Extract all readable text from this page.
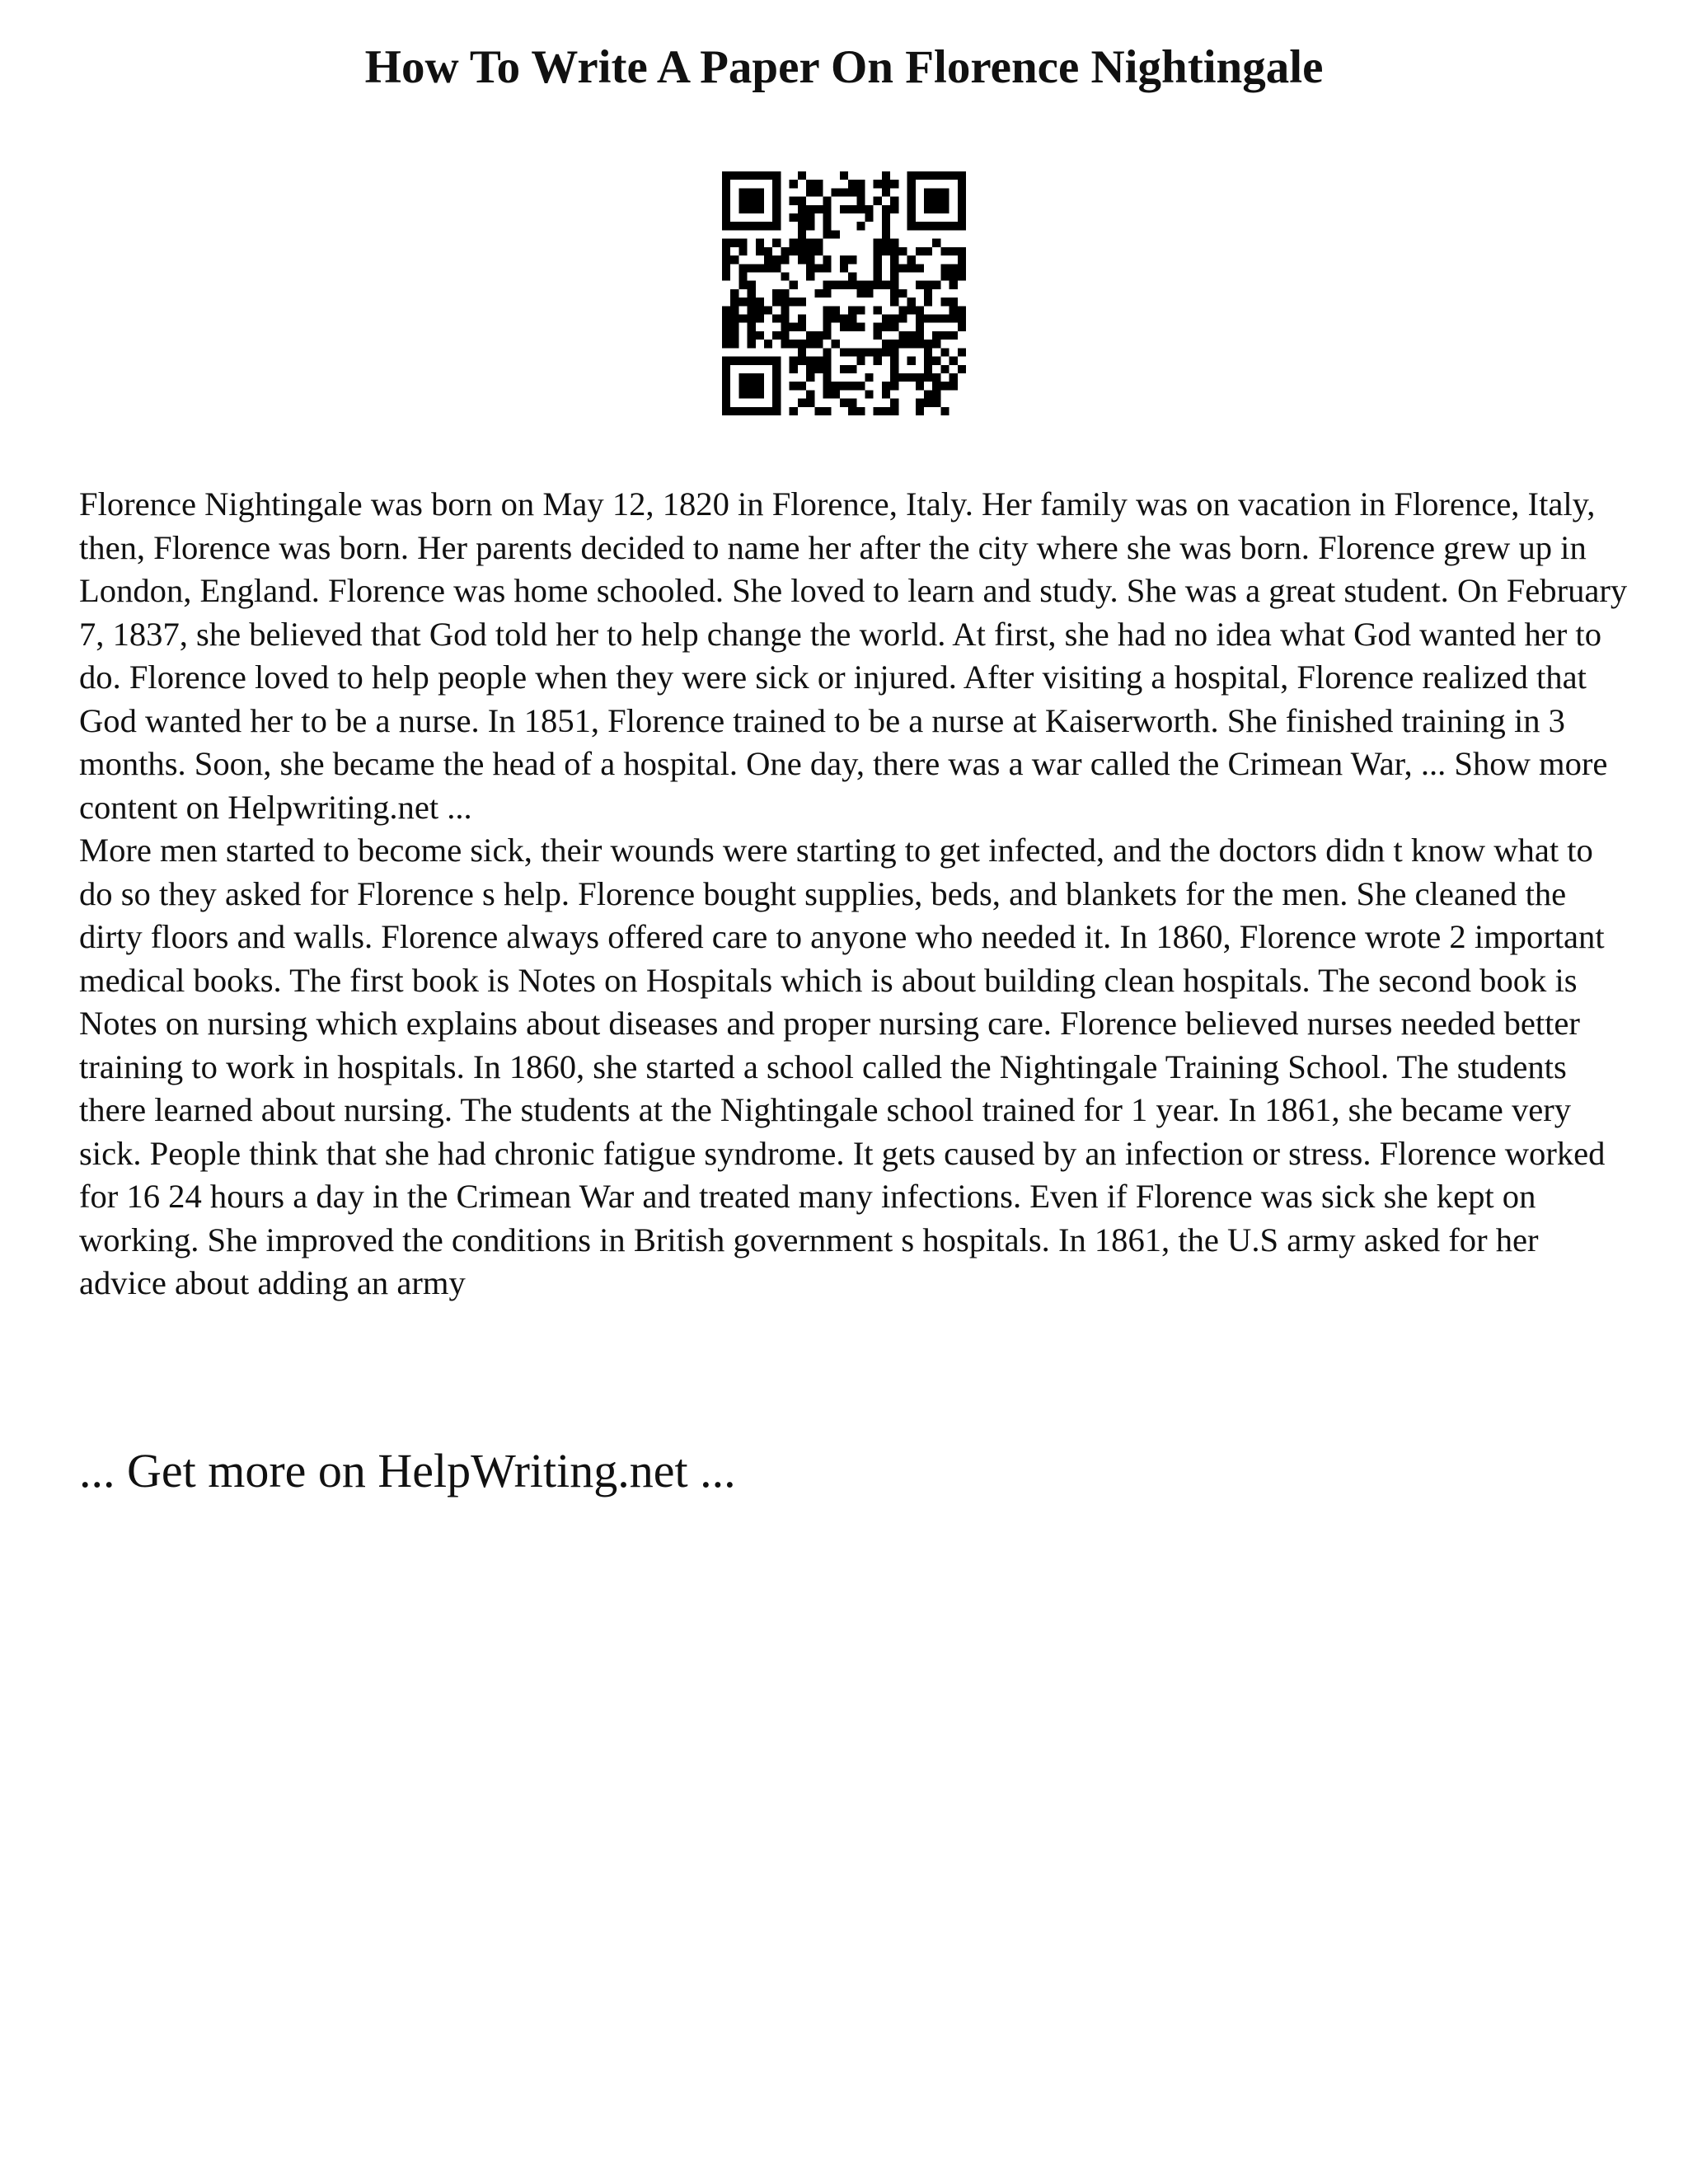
How To Write A Paper On Florence Nightingale

Florence Nightingale was born on May 12, 1820 in Florence, Italy. Her family was on vacation in Florence, Italy, then, Florence was born. Her parents decided to name her after the city where she was born. Florence grew up in London, England. Florence was home schooled. She loved to learn and study. She was a great student. On February 7, 1837, she believed that God told her to help change the world. At first, she had no idea what God wanted her to do. Florence loved to help people when they were sick or injured. After visiting a hospital, Florence realized that God wanted her to be a nurse. In 1851, Florence trained to be a nurse at Kaiserworth. She finished training in 3 months. Soon, she became the head of a hospital. One day, there was a war called the Crimean War, ... Show more content on Helpwriting.net ...

More men started to become sick, their wounds were starting to get infected, and the doctors didn t know what to do so they asked for Florence s help. Florence bought supplies, beds, and blankets for the men. She cleaned the dirty floors and walls. Florence always offered care to anyone who needed it. In 1860, Florence wrote 2 important medical books. The first book is Notes on Hospitals which is about building clean hospitals. The second book is Notes on nursing which explains about diseases and proper nursing care. Florence believed nurses needed better training to work in hospitals. In 1860, she started a school called the Nightingale Training School. The students there learned about nursing. The students at the Nightingale school trained for 1 year. In 1861, she became very sick. People think that she had chronic fatigue syndrome. It gets caused by an infection or stress. Florence worked for 16 24 hours a day in the Crimean War and treated many infections. Even if Florence was sick she kept on working. She improved the conditions in British government s hospitals. In 1861, the U.S army asked for her advice about adding an army

... Get more on HelpWriting.net ...
